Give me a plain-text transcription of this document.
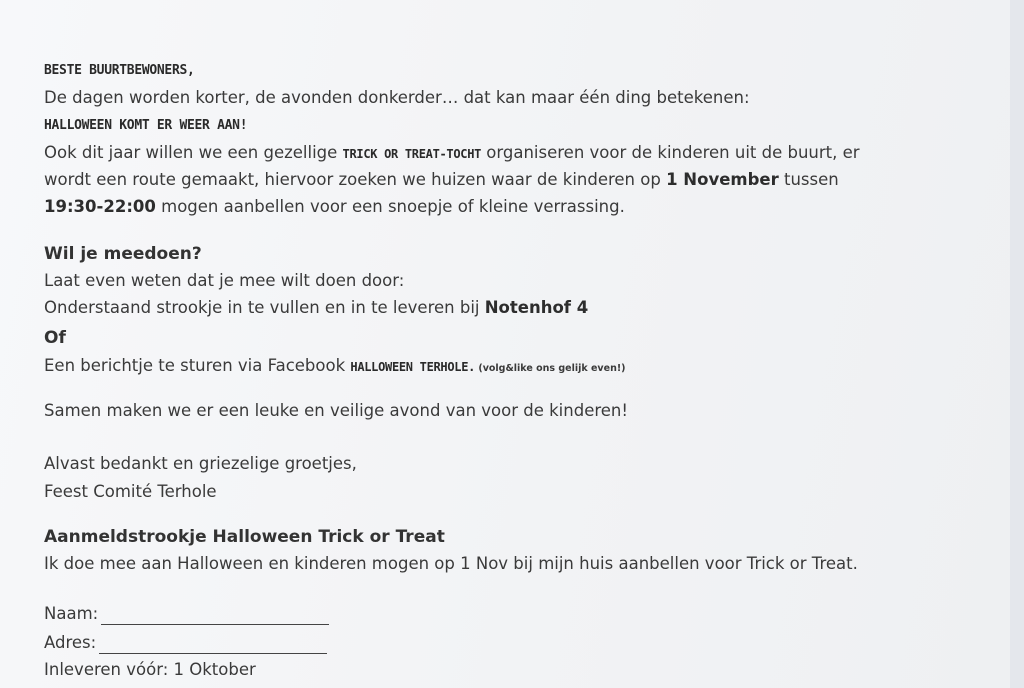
BESTE BUURTBEWONERS,
De dagen worden korter, de avonden donkerder… dat kan maar één ding betekenen:
HALLOWEEN KOMT ER WEER AAN!
Ook dit jaar willen we een gezellige TRICK OR TREAT-TOCHT organiseren voor de kinderen uit de buurt, er
wordt een route gemaakt, hiervoor zoeken we huizen waar de kinderen op 1 November tussen
19:30-22:00 mogen aanbellen voor een snoepje of kleine verrassing.
Wil je meedoen?
Laat even weten dat je mee wilt doen door:
Onderstaand strookje in te vullen en in te leveren bij Notenhof 4
Of
Een berichtje te sturen via Facebook HALLOWEEN TERHOLE. (volg&like ons gelijk even!)
Samen maken we er een leuke en veilige avond van voor de kinderen!
Alvast bedankt en griezelige groetjes,
Feest Comité Terhole
Aanmeldstrookje Halloween Trick or Treat
Ik doe mee aan Halloween en kinderen mogen op 1 Nov bij mijn huis aanbellen voor Trick or Treat.
Naam:
Adres:
Inleveren vóór: 1 Oktober
